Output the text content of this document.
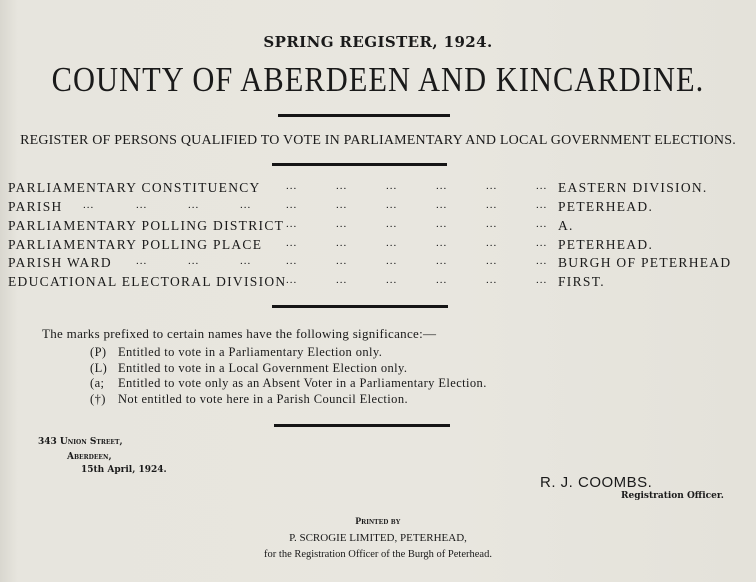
SPRING REGISTER, 1924.
COUNTY OF ABERDEEN AND KINCARDINE.
REGISTER OF PERSONS QUALIFIED TO VOTE IN PARLIAMENTARY AND LOCAL GOVERNMENT ELECTIONS.
PARLIAMENTARY CONSTITUENCY ...	...	...	...	...	... EASTERN DIVISION.
PARISH ...	...	...	...	...	...	...	...	...	... PETERHEAD.
PARLIAMENTARY POLLING DISTRICT ...	...	...	...	...	... A.
PARLIAMENTARY POLLING PLACE ...	...	...	...	...	... PETERHEAD.
PARISH WARD ...	...	...	...	...	...	...	...	... BURGH OF PETERHEAD
EDUCATIONAL ELECTORAL DIVISION ...	...	...	...	...	... FIRST.
The marks prefixed to certain names have the following significance:—
(P) Entitled to vote in a Parliamentary Election only.
(L) Entitled to vote in a Local Government Election only.
(a; Entitled to vote only as an Absent Voter in a Parliamentary Election.
(†) Not entitled to vote here in a Parish Council Election.
343 Union Street,
Aberdeen,
15th April, 1924.
R. J. COOMBS.
Registration Officer.
Printed by
P. SCROGIE LIMITED, PETERHEAD,
for the Registration Officer of the Burgh of Peterhead.
